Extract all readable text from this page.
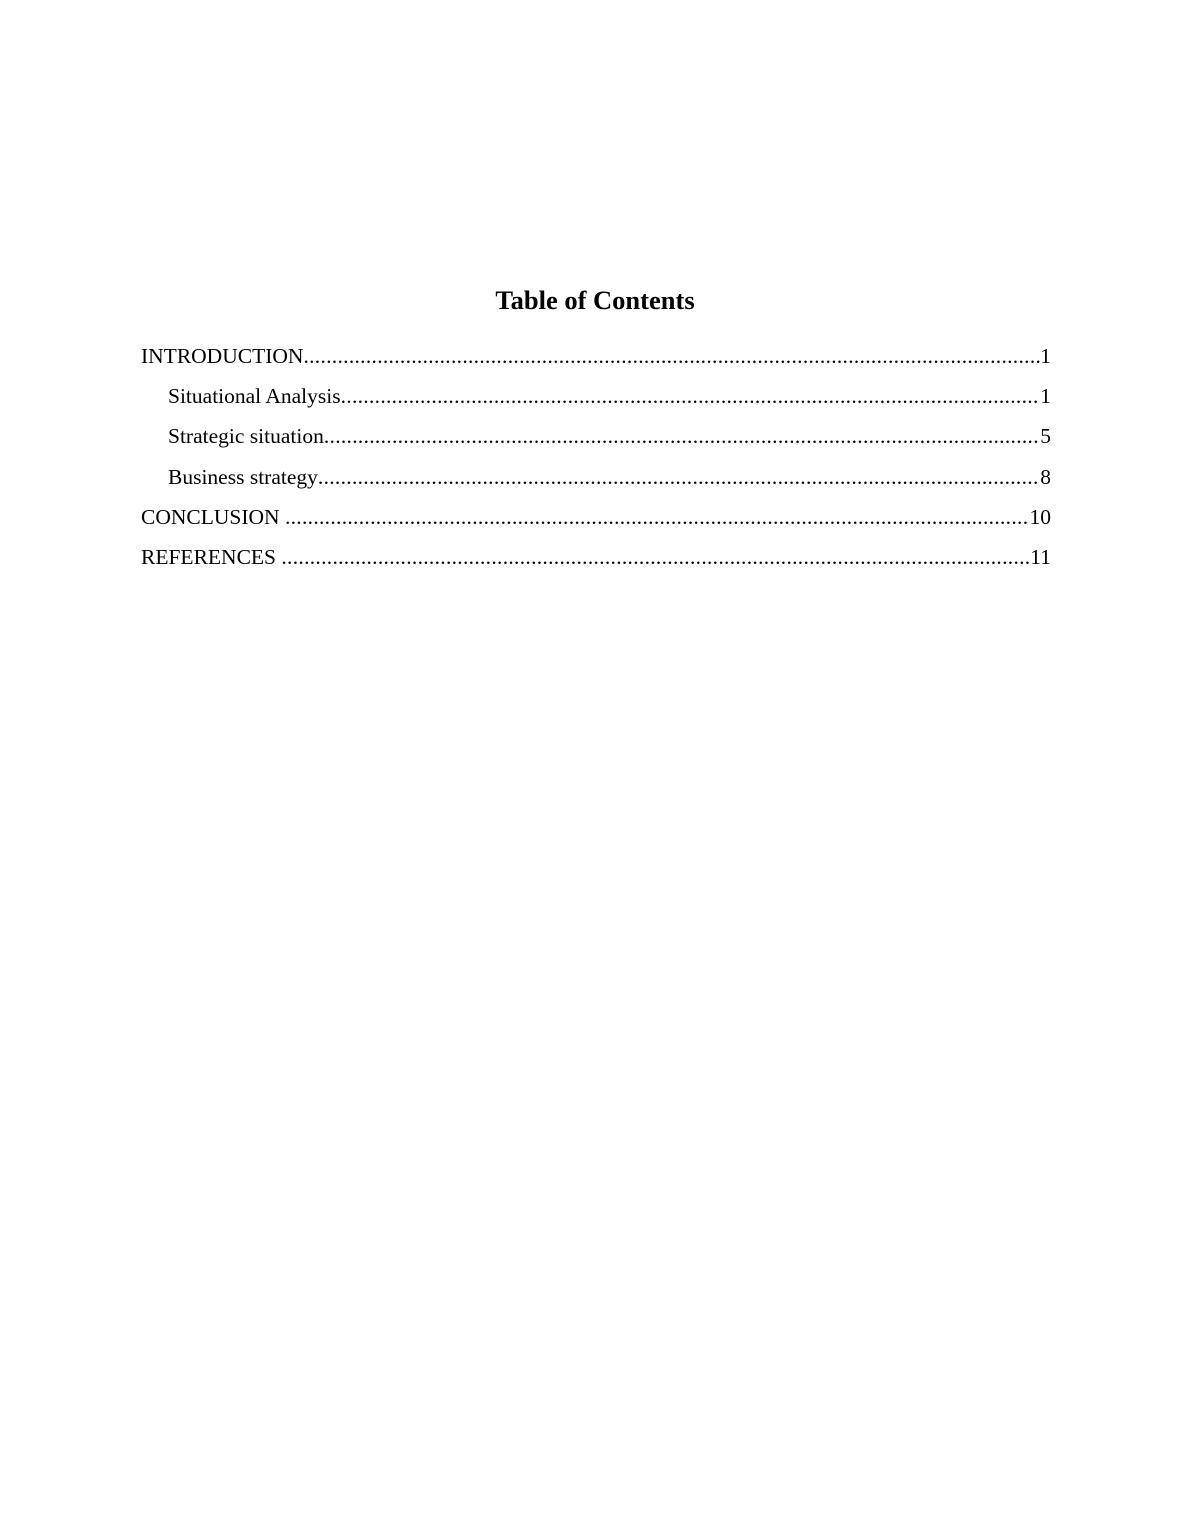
Table of Contents
INTRODUCTION .....	1
Situational Analysis .....	1
Strategic situation .....	5
Business strategy .....	8
CONCLUSION .....	10
REFERENCES .....	11
